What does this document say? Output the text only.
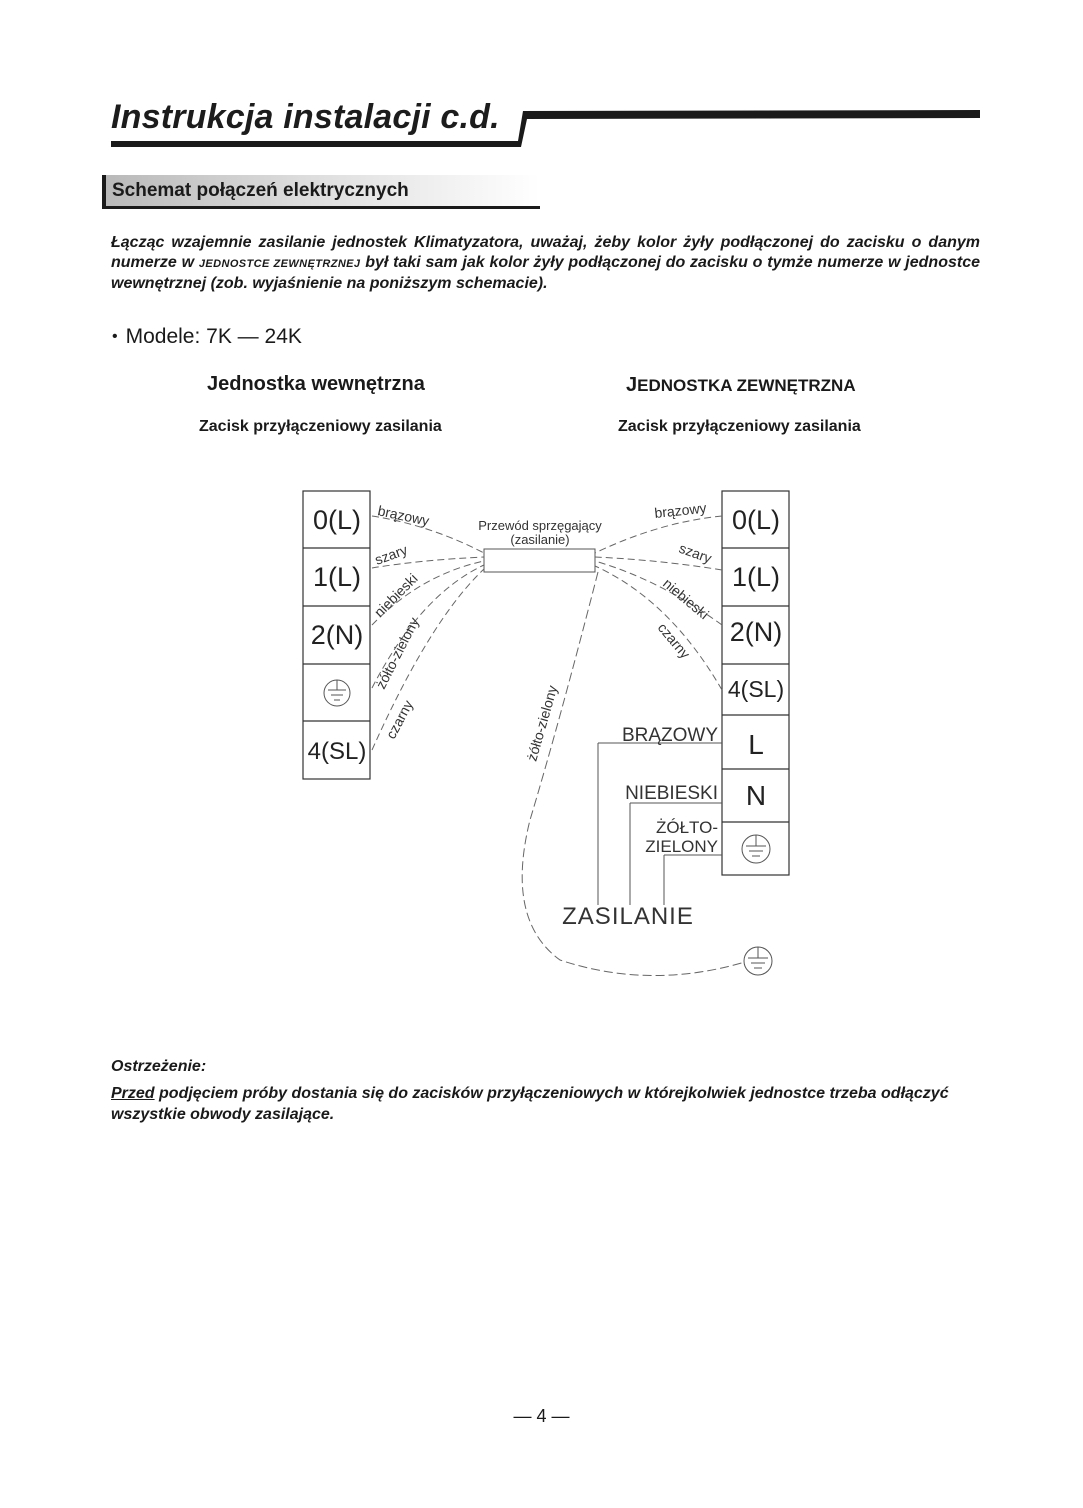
Instrukcja instalacji c.d.
Schemat połączeń elektrycznych

Łącząc wzajemnie zasilanie jednostek Klimatyzatora, uważaj, żeby kolor żyły podłączonej do zacisku o danym numerze w JEDNOSTCE ZEWNĘTRZNEJ był taki sam jak kolor żyły podłączonej do zacisku o tymże numerze w jednostce wewnętrznej (zob. wyjaśnienie na poniższym schemacie).

• Modele: 7K — 24K
Jednostka wewnętrzna	JEDNOSTKA ZEWNĘTRZNA
Zacisk przyłączeniowy zasilania	Zacisk przyłączeniowy zasilania
0(L)
1(L)
2(N)
4(SL)
0(L)
1(L)
2(N)
4(SL)
L
N
Przewód sprzęgający
(zasilanie)
brązowy
szary
niebieski
żółto-zielony
czarny
brązowy
szary
niebieski
czarny
żółto-zielony	BRĄZOWY
NIEBIESKI
ŻÓŁTO-
ZIELONY
ZASILANIE
Ostrzeżenie:

Przed podjęciem próby dostania się do zacisków przyłączeniowych w którejkolwiek jednostce trzeba odłączyć wszystkie obwody zasilające.

— 4 —
